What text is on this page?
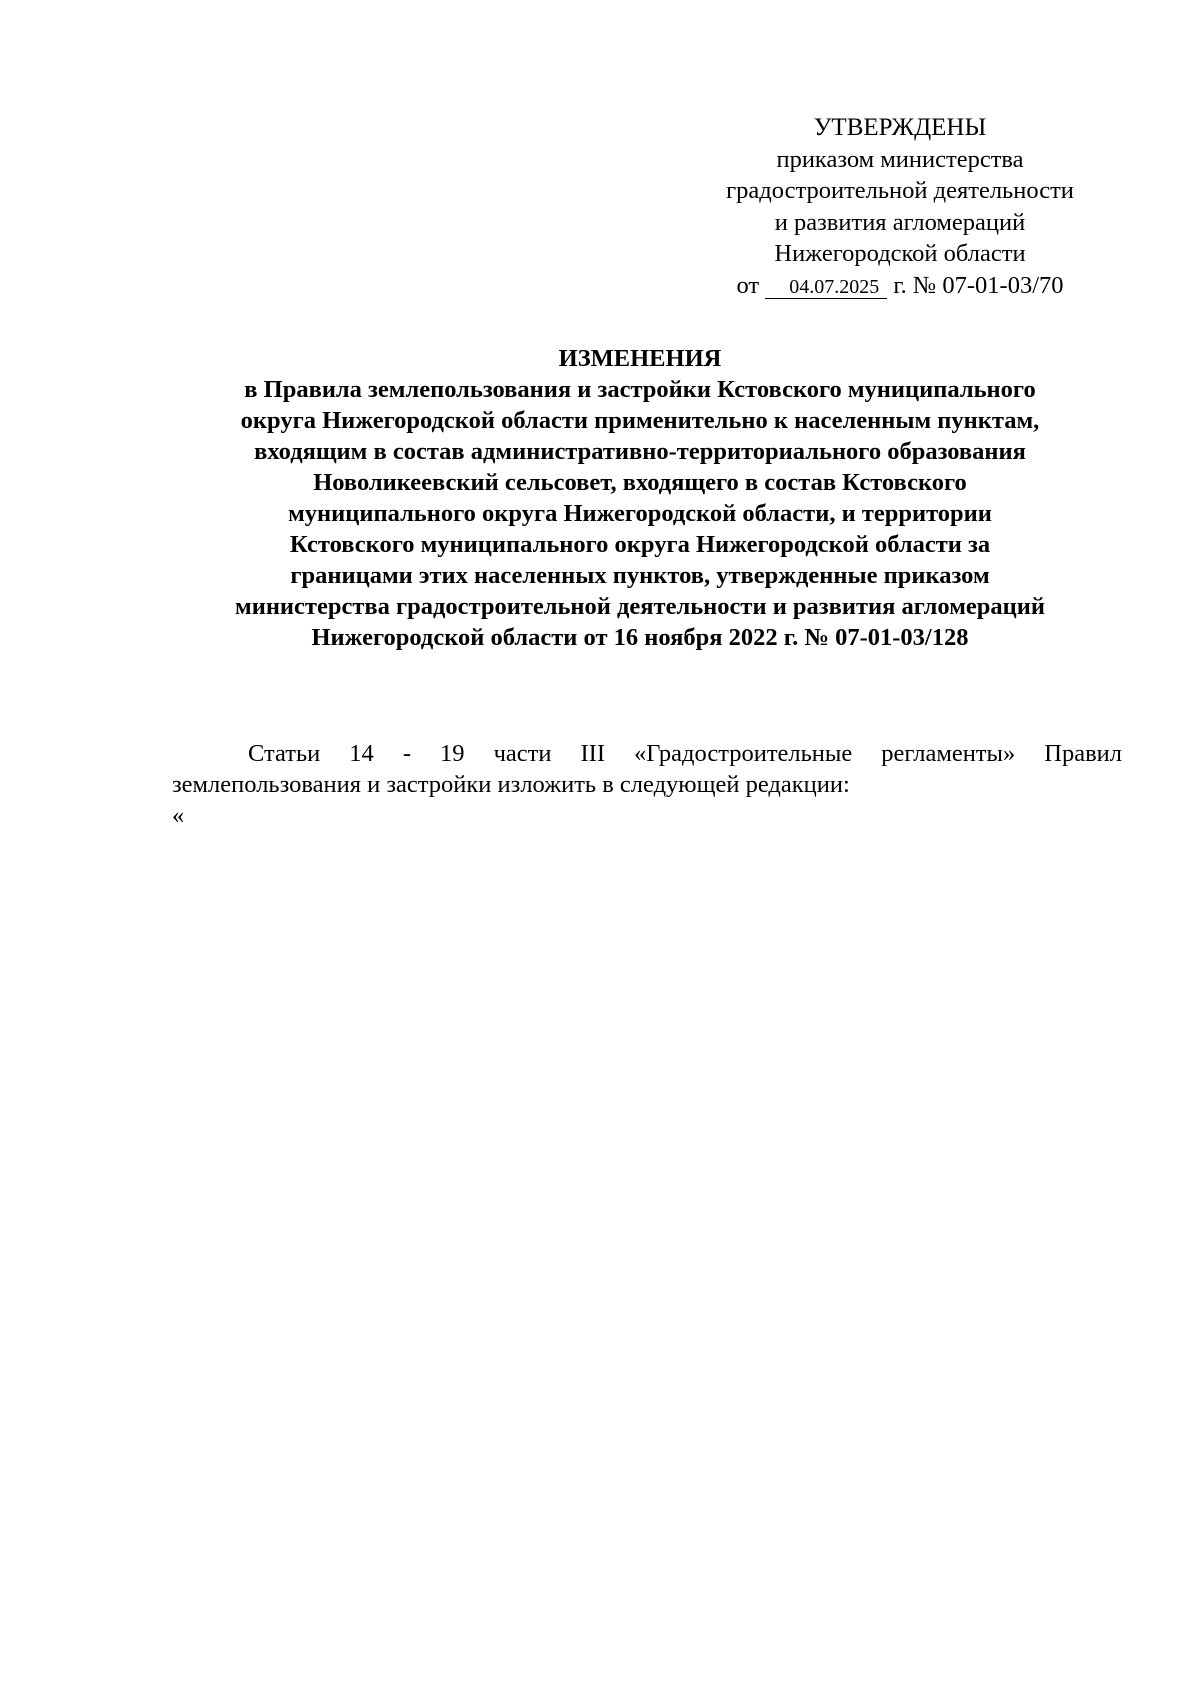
УТВЕРЖДЕНЫ
приказом министерства
градостроительной деятельности
и развития агломераций
Нижегородской области
от 04.07.2025 г. № 07-01-03/70
ИЗМЕНЕНИЯ
в Правила землепользования и застройки Кстовского муниципального
округа Нижегородской области применительно к населенным пунктам,
входящим в состав административно-территориального образования
Новоликеевский сельсовет, входящего в состав Кстовского
муниципального округа Нижегородской области, и территории
Кстовского муниципального округа Нижегородской области за
границами этих населенных пунктов, утвержденные приказом
министерства градостроительной деятельности и развития агломераций
Нижегородской области от 16 ноября 2022 г. № 07-01-03/128
Статьи 14 - 19 части III «Градостроительные регламенты» Правил
землепользования и застройки изложить в следующей редакции:
«
